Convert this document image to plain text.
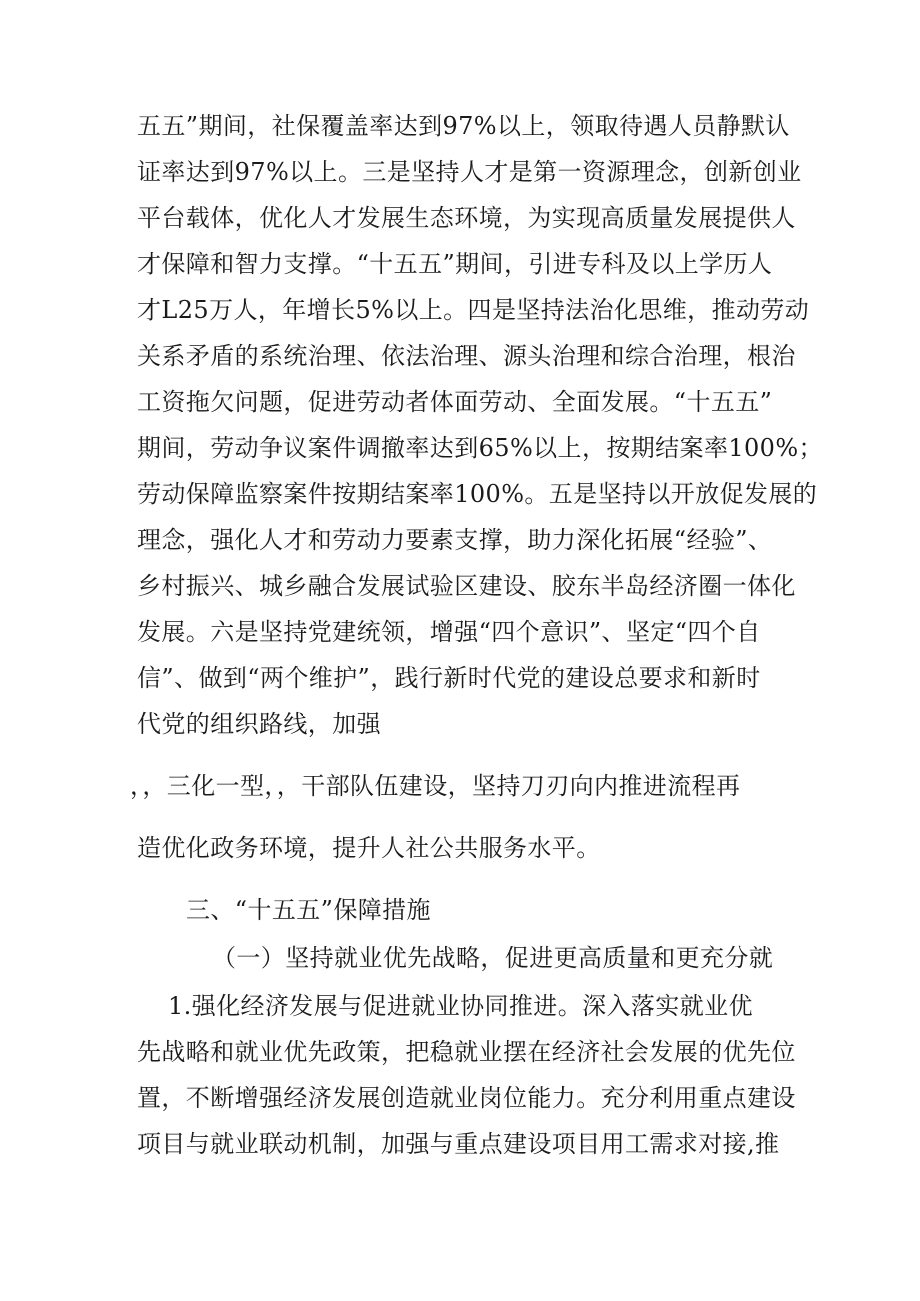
五五”期间，社保覆盖率达到97%以上，领取待遇人员静默认
证率达到97%以上。三是坚持人才是第一资源理念，创新创业
平台载体，优化人才发展生态环境，为实现高质量发展提供人
才保障和智力支撑。“十五五”期间，引进专科及以上学历人
才L25万人，年增长5%以上。四是坚持法治化思维，推动劳动
关系矛盾的系统治理、依法治理、源头治理和综合治理，根治
工资拖欠问题，促进劳动者体面劳动、全面发展。“十五五”
期间，劳动争议案件调撤率达到65%以上，按期结案率100%；
劳动保障监察案件按期结案率100%。五是坚持以开放促发展的
理念，强化人才和劳动力要素支撑，助力深化拓展“经验”、
乡村振兴、城乡融合发展试验区建设、胶东半岛经济圈一体化
发展。六是坚持党建统领，增强“四个意识”、坚定“四个自
信”、做到“两个维护”，践行新时代党的建设总要求和新时
代党的组织路线，加强
，，三化一型，，干部队伍建设，坚持刀刃向内推进流程再
造优化政务环境，提升人社公共服务水平。
三、“十五五”保障措施
（一）坚持就业优先战略，促进更高质量和更充分就
1.强化经济发展与促进就业协同推进。深入落实就业优
先战略和就业优先政策，把稳就业摆在经济社会发展的优先位
置，不断增强经济发展创造就业岗位能力。充分利用重点建设
项目与就业联动机制，加强与重点建设项目用工需求对接,推
